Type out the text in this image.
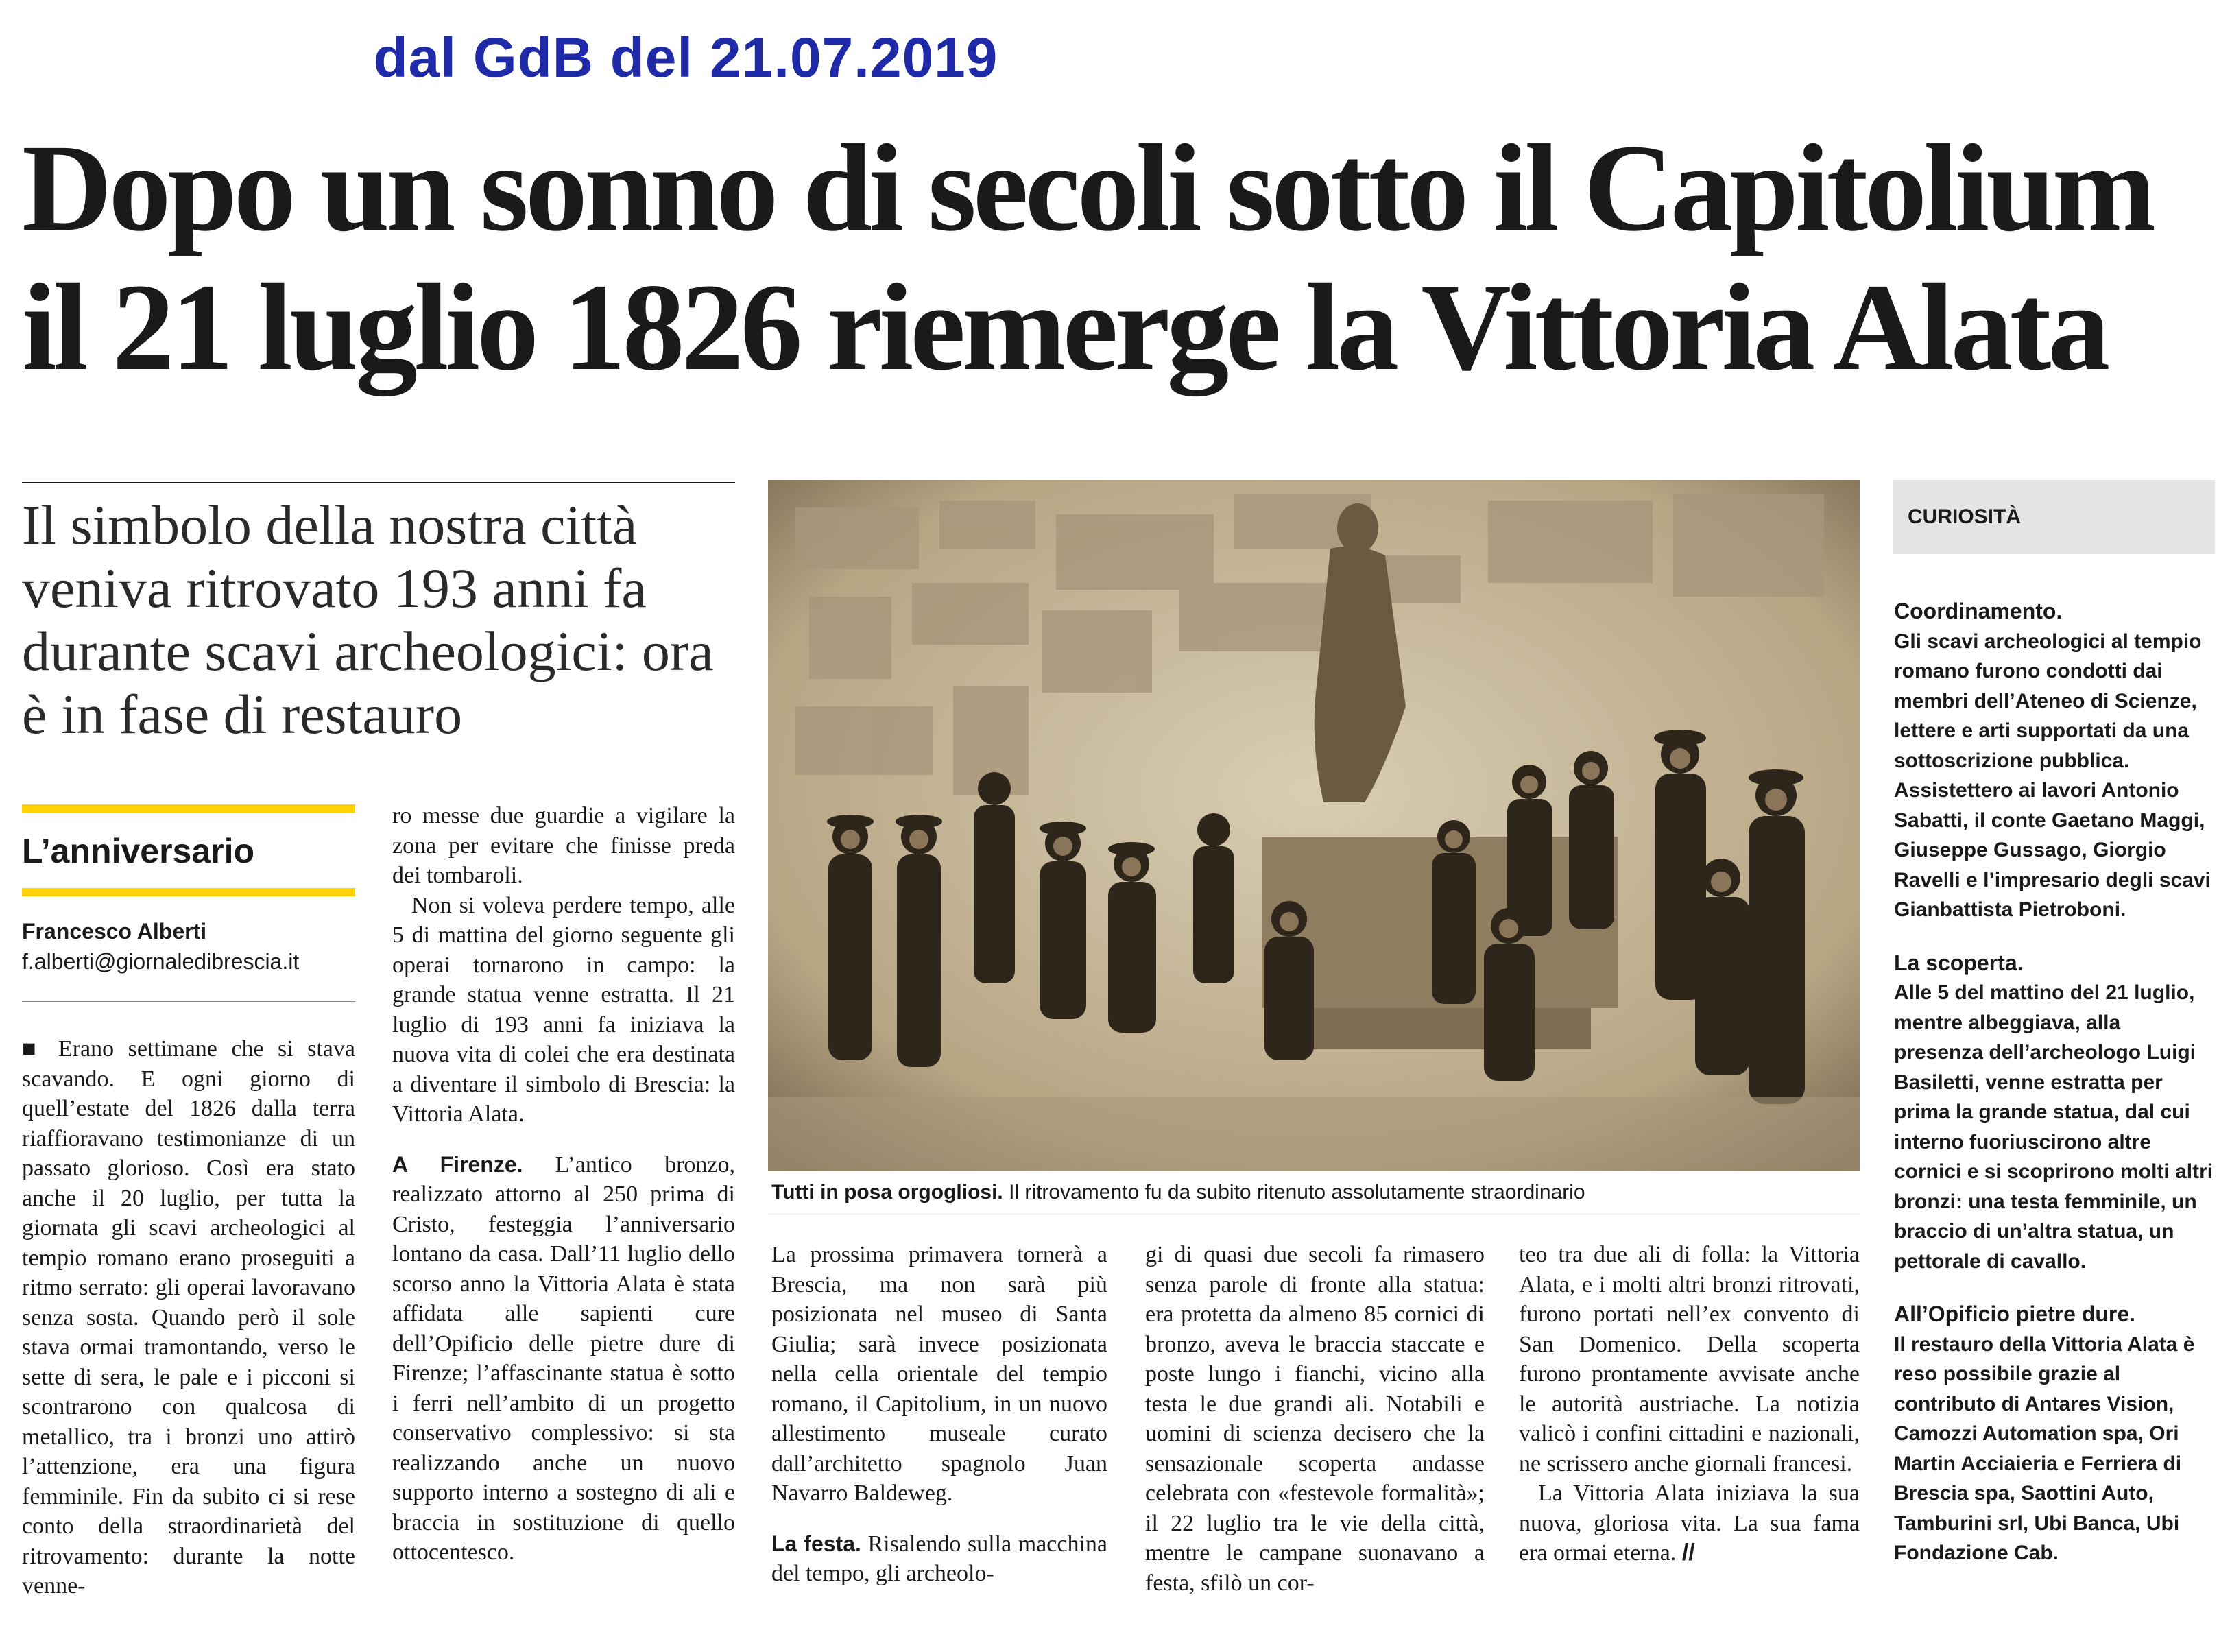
dal GdB del 21.07.2019
Dopo un sonno di secoli sotto il Capitolium
il 21 luglio 1826 riemerge la Vittoria Alata
Il simbolo della nostra città veniva ritrovato 193 anni fa durante scavi archeologici: ora è in fase di restauro
L’anniversario
Francesco Alberti
f.alberti@giornaledibrescia.it

■ Erano settimane che si stava scavando. E ogni giorno di quell’estate del 1826 dalla terra riaffioravano testimonianze di un passato glorioso. Così era stato anche il 20 luglio, per tutta la giornata gli scavi archeologici al tempio romano erano proseguiti a ritmo serrato: gli operai lavoravano senza sosta. Quando però il sole stava ormai tramontando, verso le sette di sera, le pale e i picconi si scontrarono con qualcosa di metallico, tra i bronzi uno attirò l’attenzione, era una figura femminile. Fin da subito ci si rese conto della straordinarietà del ritrovamento: durante la notte venne-

ro messe due guardie a vigilare la zona per evitare che finisse preda dei tombaroli.

Non si voleva perdere tempo, alle 5 di mattina del giorno seguente gli operai tornarono in campo: la grande statua venne estratta. Il 21 luglio di 193 anni fa iniziava la nuova vita di colei che era destinata a diventare il simbolo di Brescia: la Vittoria Alata.

A Firenze. L’antico bronzo, realizzato attorno al 250 prima di Cristo, festeggia l’anniversario lontano da casa. Dall’11 luglio dello scorso anno la Vittoria Alata è stata affidata alle sapienti cure dell’Opificio delle pietre dure di Firenze; l’affascinante statua è sotto i ferri nell’ambito di un progetto conservativo complessivo: si sta realizzando anche un nuovo supporto interno a sostegno di ali e braccia in sostituzione di quello ottocentesco.

Tutti in posa orgogliosi. Il ritrovamento fu da subito ritenuto assolutamente straordinario

La prossima primavera tornerà a Brescia, ma non sarà più posizionata nel museo di Santa Giulia; sarà invece posizionata nella cella orientale del tempio romano, il Capitolium, in un nuovo allestimento museale curato dall’architetto spagnolo Juan Navarro Baldeweg.

La festa. Risalendo sulla macchina del tempo, gli archeolo-

gi di quasi due secoli fa rimasero senza parole di fronte alla statua: era protetta da almeno 85 cornici di bronzo, aveva le braccia staccate e poste lungo i fianchi, vicino alla testa le due grandi ali. Notabili e uomini di scienza decisero che la sensazionale scoperta andasse celebrata con «festevole formalità»; il 22 luglio tra le vie della città, mentre le campane suonavano a festa, sfilò un cor-

teo tra due ali di folla: la Vittoria Alata, e i molti altri bronzi ritrovati, furono portati nell’ex convento di San Domenico. Della scoperta furono prontamente avvisate anche le autorità austriache. La notizia valicò i confini cittadini e nazionali, ne scrissero anche giornali francesi.

La Vittoria Alata iniziava la sua nuova, gloriosa vita. La sua fama era ormai eterna. //

CURIOSITÀ
Coordinamento.

Gli scavi archeologici al tempio romano furono condotti dai membri dell’Ateneo di Scienze, lettere e arti supportati da una sottoscrizione pubblica. Assistettero ai lavori Antonio Sabatti, il conte Gaetano Maggi, Giuseppe Gussago, Giorgio Ravelli e l’impresario degli scavi Gianbattista Pietroboni.

La scoperta.

Alle 5 del mattino del 21 luglio, mentre albeggiava, alla presenza dell’archeologo Luigi Basiletti, venne estratta per prima la grande statua, dal cui interno fuoriuscirono altre cornici e si scoprirono molti altri bronzi: una testa femminile, un braccio di un’altra statua, un pettorale di cavallo.

All’Opificio pietre dure.

Il restauro della Vittoria Alata è reso possibile grazie al contributo di Antares Vision, Camozzi Automation spa, Ori Martin Acciaieria e Ferriera di Brescia spa, Saottini Auto, Tamburini srl, Ubi Banca, Ubi Fondazione Cab.
